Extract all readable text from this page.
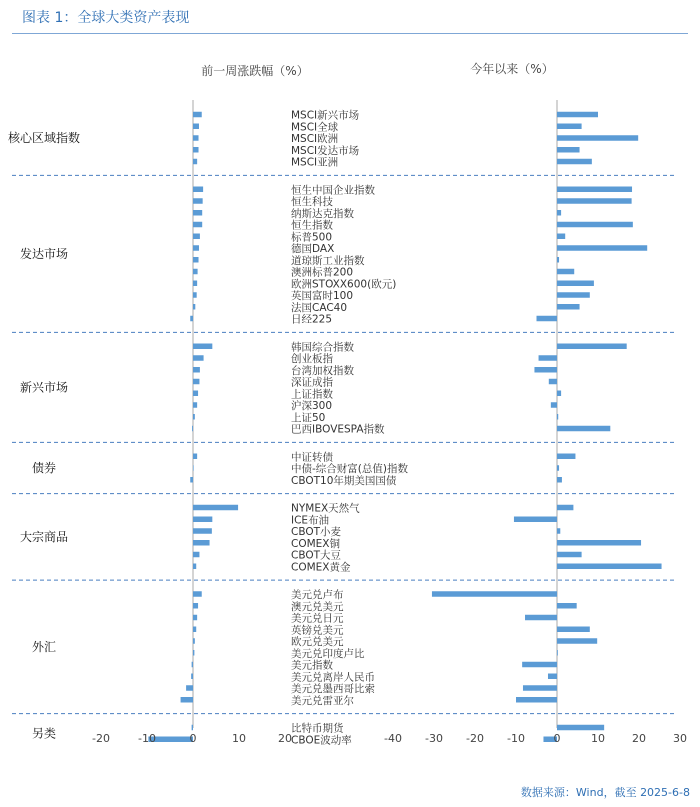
图表 1：全球大类资产表现
前一周涨跌幅（%）	今年以来（%）
MSCI新兴市场
MSCI全球
MSCI欧洲
MSCI发达市场
MSCI亚洲
核心区域指数
恒生中国企业指数
恒生科技
纳斯达克指数
恒生指数
标普500
德国DAX
道琼斯工业指数
澳洲标普200
欧洲STOXX600(欧元)
英国富时100
法国CAC40
日经225
发达市场
韩国综合指数
创业板指
台湾加权指数
深证成指
上证指数
沪深300
上证50
巴西IBOVESPA指数
新兴市场
中证转债
中债-综合财富(总值)指数
CBOT10年期美国国债
债券
NYMEX天然气
ICE布油
CBOT小麦
COMEX铜
CBOT大豆
COMEX黄金
大宗商品
美元兑卢布
澳元兑美元
美元兑日元
英镑兑美元
欧元兑美元
美元兑印度卢比
美元指数
美元兑离岸人民币
美元兑墨西哥比索
美元兑雷亚尔
外汇
比特币期货
CBOE波动率
另类	-20	-10	0	10	20	-40 -30 -20 -10	0	10 20 30
数据来源：Wind，截至 2025-6-8
